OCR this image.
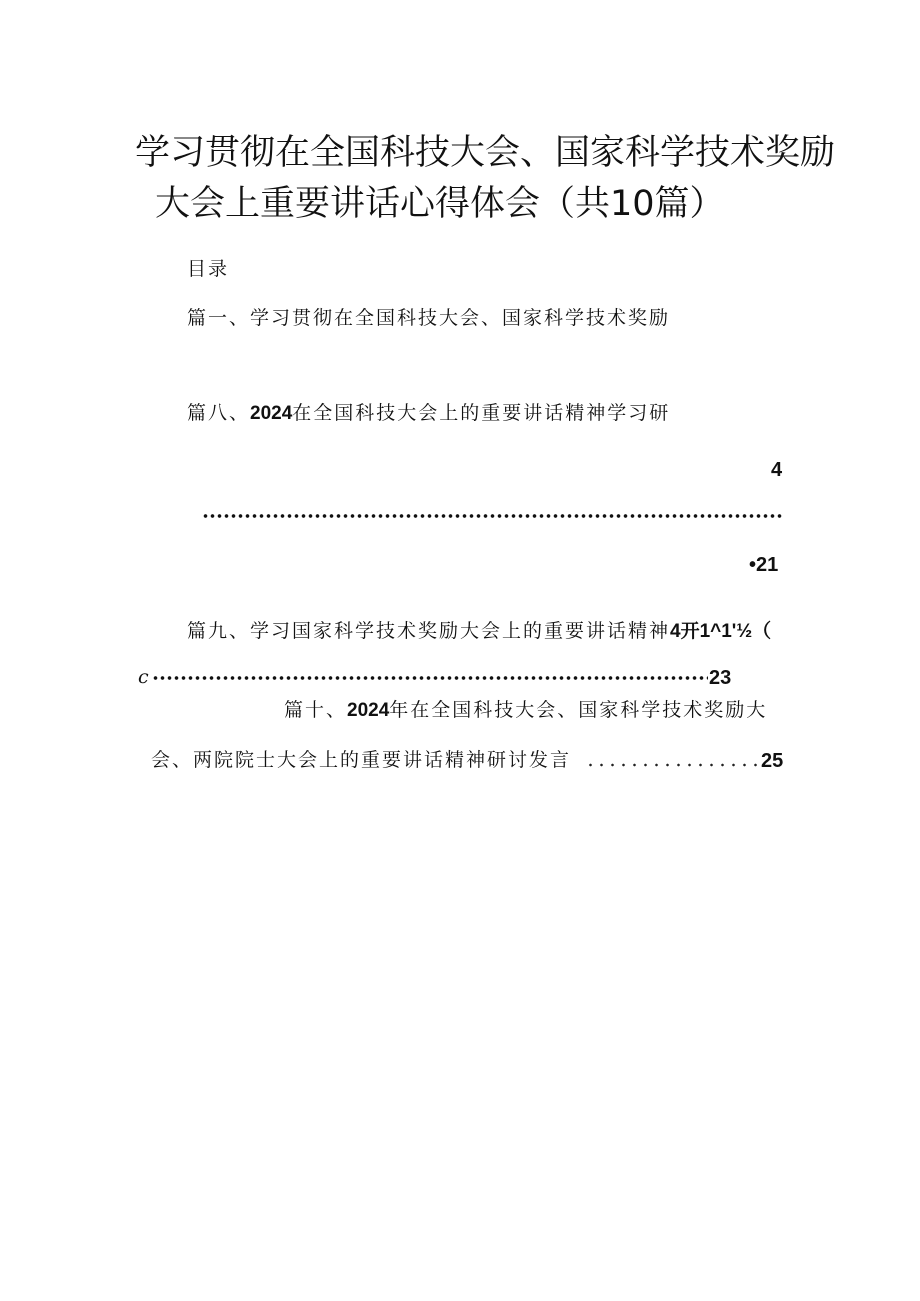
学习贯彻在全国科技大会、国家科学技术奖励
大会上重要讲话心得体会（共10篇）
目录
篇一、学习贯彻在全国科技大会、国家科学技术奖励
篇八、2024在全国科技大会上的重要讲话精神学习研
4
•21
篇九、学习国家科学技术奖励大会上的重要讲话精神4开1^1'½（
c	23
篇十、2024年在全国科技大会、国家科学技术奖励大
会、两院院士大会上的重要讲话精神研讨发言	25
